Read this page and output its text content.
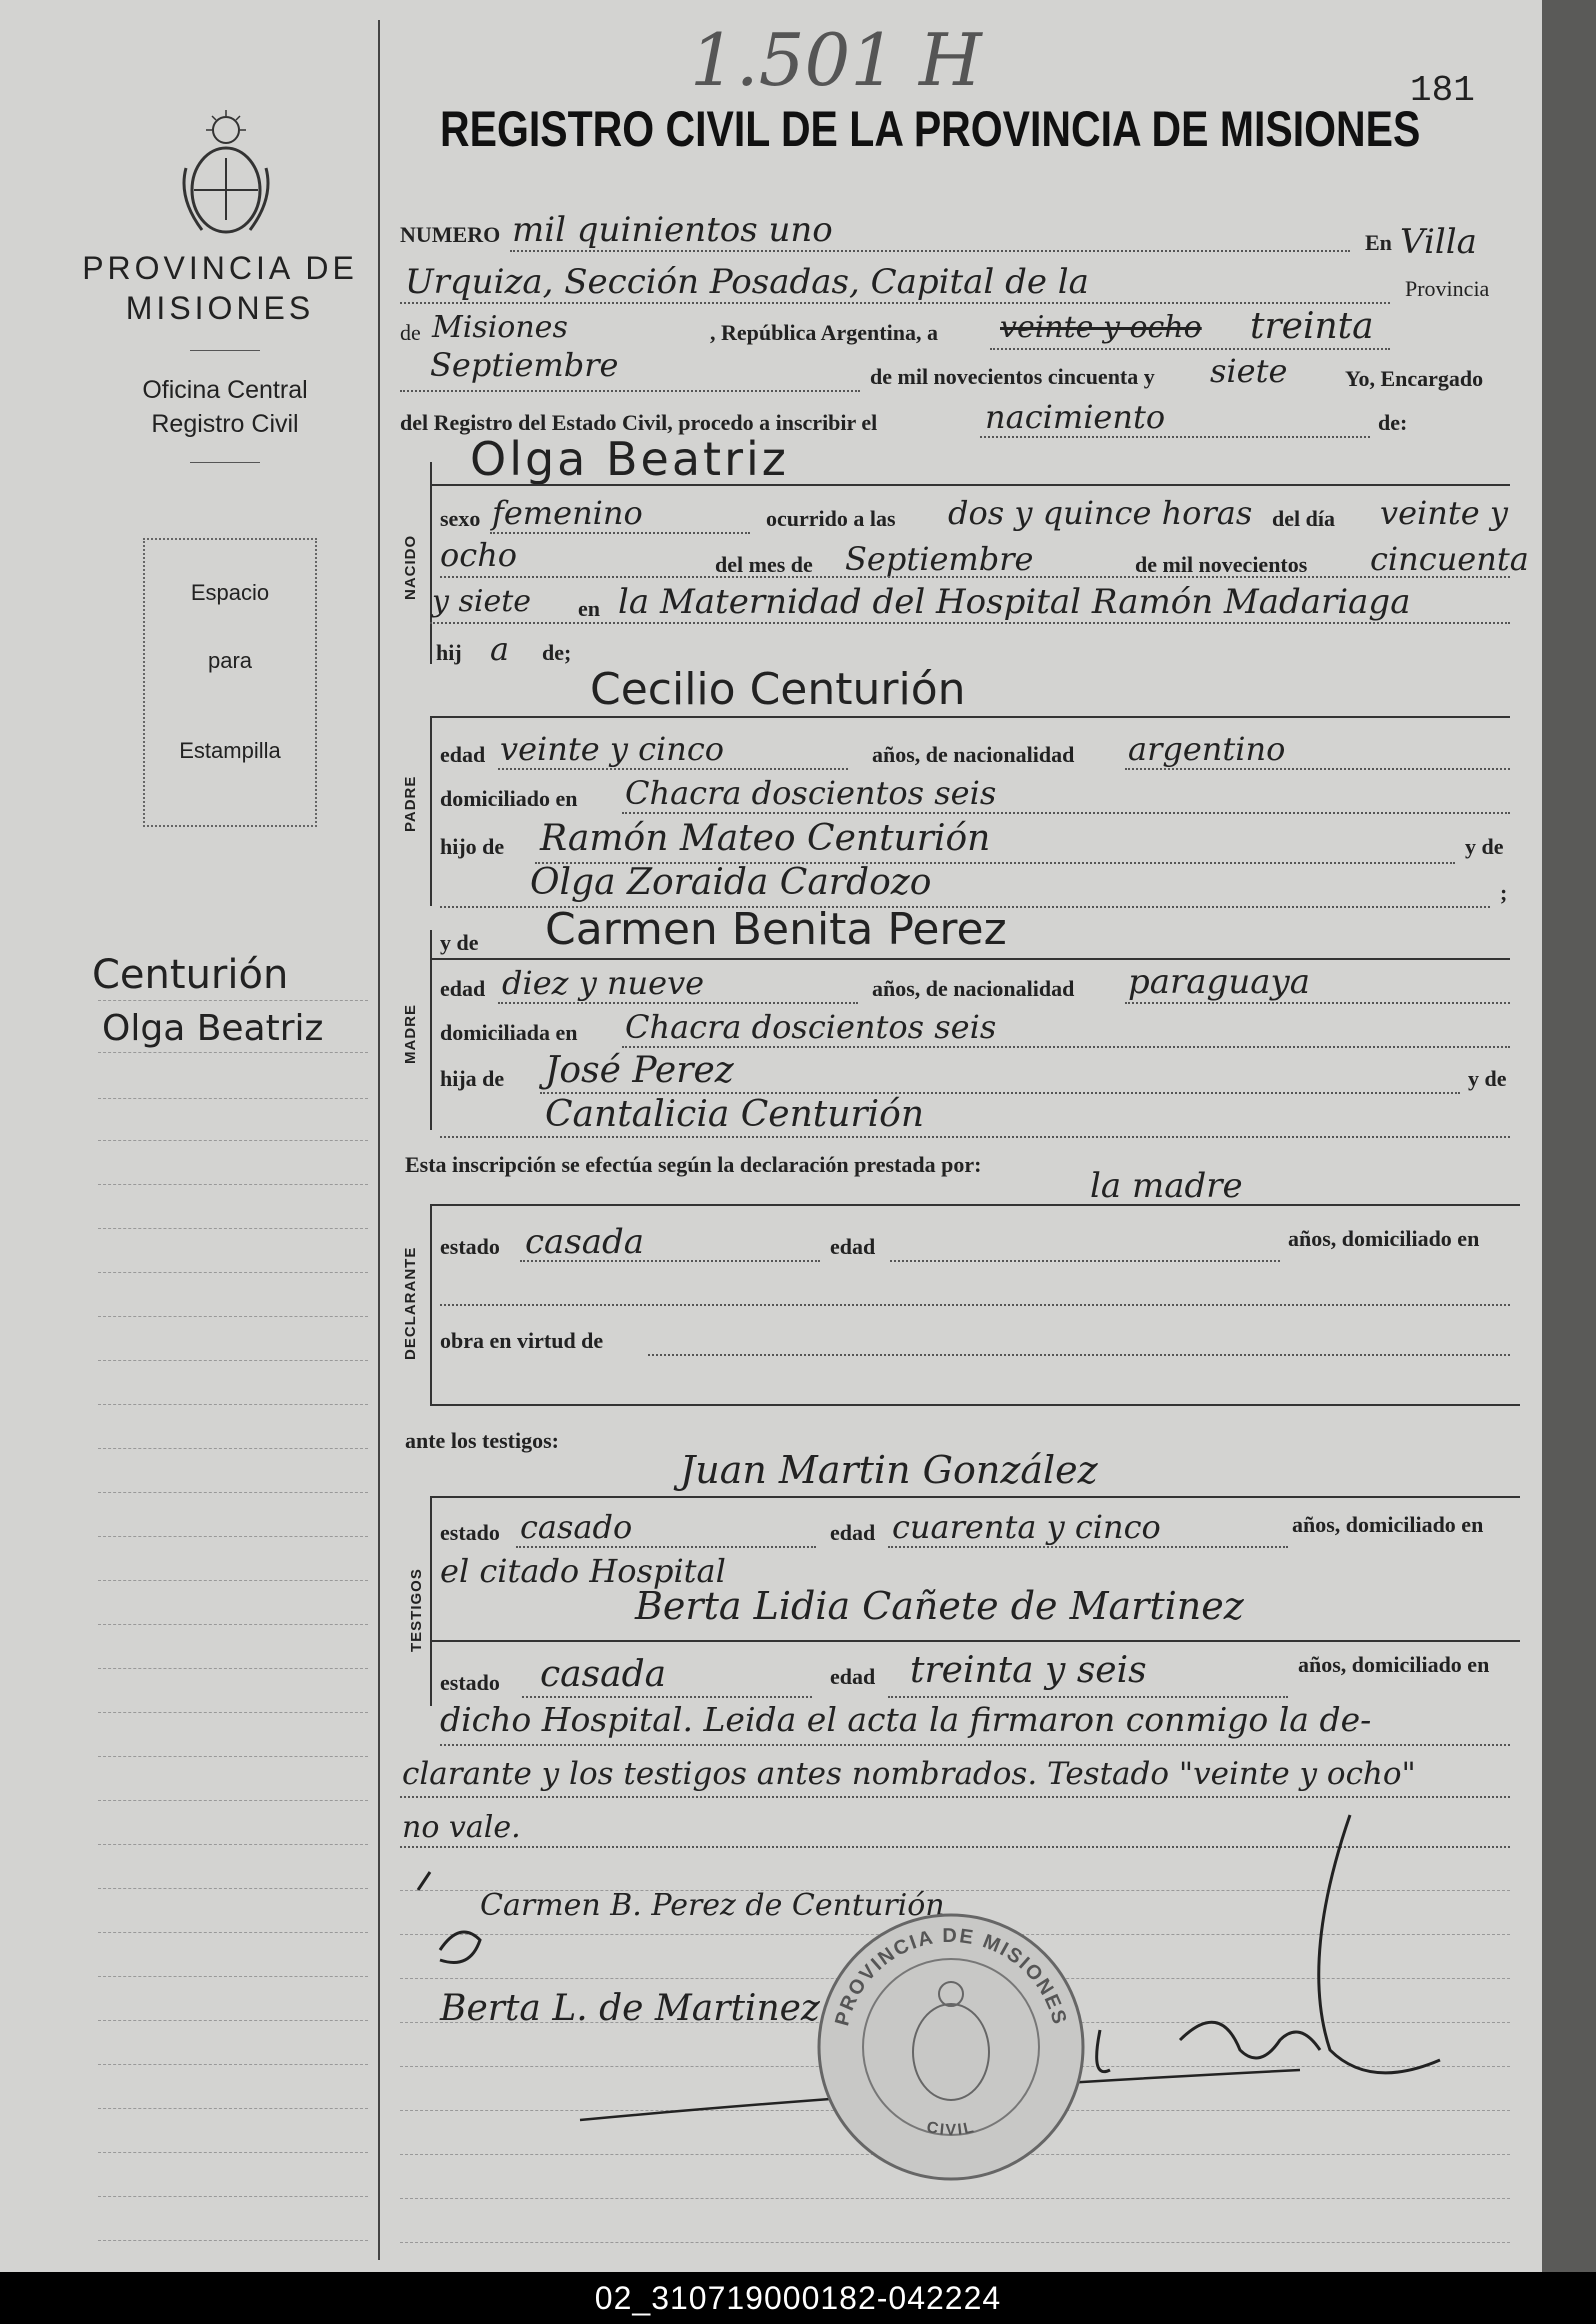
1.501 H	181
PROVINCIA DE MISIONES
Oficina Central
Registro Civil
Espacio
para
Estampilla
Centurión
Olga Beatriz
REGISTRO CIVIL DE LA PROVINCIA DE MISIONES
NUMERO mil quinientos uno	En Villa
Urquiza, Sección Posadas, Capital de la	Provincia
de Misiones	, República Argentina, a veinte y ocho treinta
Septiembre	de mil novecientos cincuenta y siete	Yo, Encargado
del Registro del Estado Civil, procedo a inscribir el	nacimiento	de:
NACIDO
Olga Beatriz
sexo femenino	ocurrido a las dos y quince horas del día veinte y
ocho	del mes de Septiembre	de mil novecientos cincuenta
y siete en la Maternidad del Hospital Ramón Madariaga
hij a de;
Cecilio Centurión
PADRE
edad veinte y cinco	años, de nacionalidad argentino
domiciliado en Chacra doscientos seis
hijo de Ramón Mateo Centurión	y de
Olga Zoraida Cardozo	;
y de Carmen Benita Perez
MADRE
edad diez y nueve	años, de nacionalidad paraguaya
domiciliada en Chacra doscientos seis
hija de José Perez	y de
Cantalicia Centurión
Esta inscripción se efectúa según la declaración prestada por:
la madre
DECLARANTE
estado casada	edad	años, domiciliado en
obra en virtud de
ante los testigos:
Juan Martin González
TESTIGOS
estado casado	edad cuarenta y cinco	años, domiciliado en
el citado Hospital
Berta Lidia Cañete de Martinez
estado casada	edad treinta y seis	años, domiciliado en
dicho Hospital. Leida el acta la firmaron conmigo la de-
clarante y los testigos antes nombrados. Testado "veinte y ocho"
no vale.
Carmen B. Perez de Centurión
Berta L. de Martinez PROVINCIA DE MISIONES
CIVIL
02_310719000182-042224
